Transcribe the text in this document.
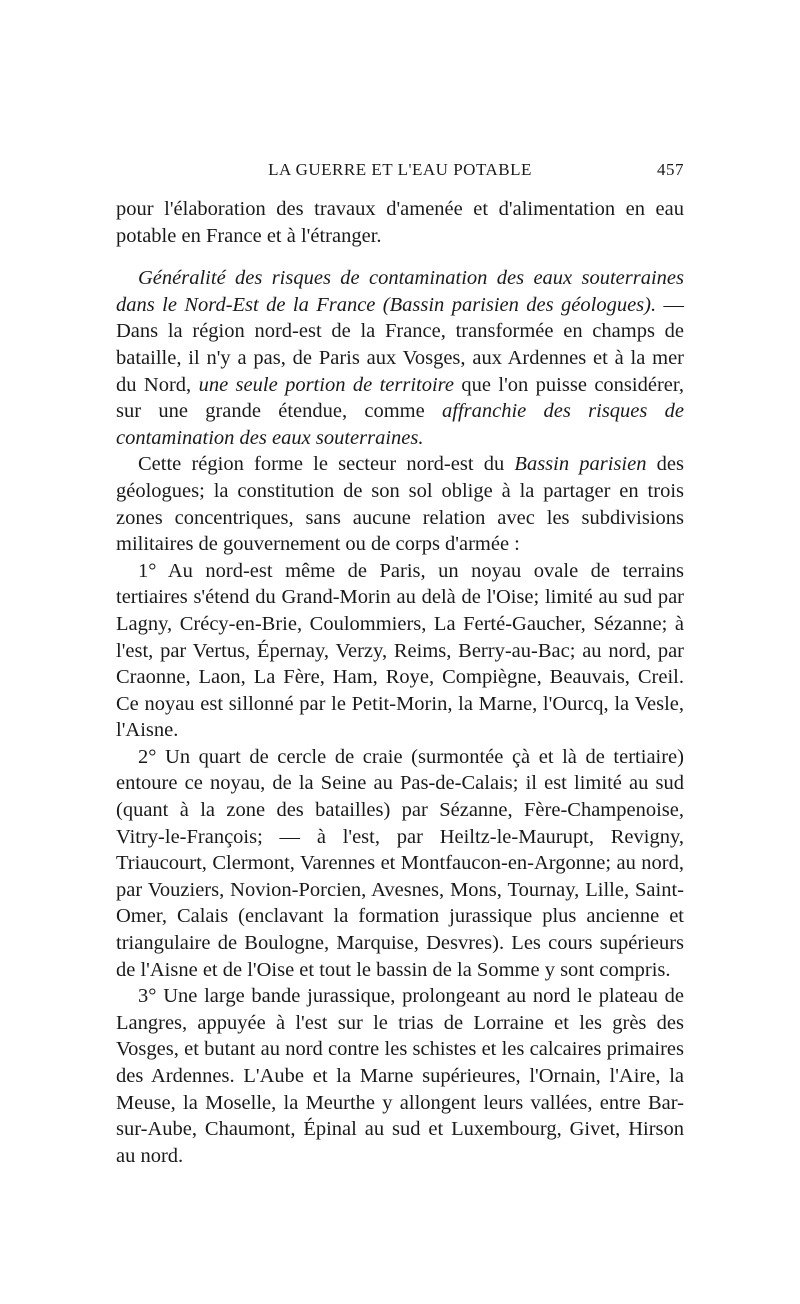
LA GUERRE ET L'EAU POTABLE	457

pour l'élaboration des travaux d'amenée et d'alimentation en eau potable en France et à l'étranger.

Généralité des risques de contamination des eaux souterraines dans le Nord-Est de la France (Bassin parisien des géologues). — Dans la région nord-est de la France, transformée en champs de bataille, il n'y a pas, de Paris aux Vosges, aux Ardennes et à la mer du Nord, une seule portion de territoire que l'on puisse considérer, sur une grande étendue, comme affranchie des risques de contamination des eaux souterraines.

Cette région forme le secteur nord-est du Bassin parisien des géologues; la constitution de son sol oblige à la partager en trois zones concentriques, sans aucune relation avec les subdivisions militaires de gouvernement ou de corps d'armée :

1° Au nord-est même de Paris, un noyau ovale de terrains tertiaires s'étend du Grand-Morin au delà de l'Oise; limité au sud par Lagny, Crécy-en-Brie, Coulommiers, La Ferté-Gaucher, Sézanne; à l'est, par Vertus, Épernay, Verzy, Reims, Berry-au-Bac; au nord, par Craonne, Laon, La Fère, Ham, Roye, Compiègne, Beauvais, Creil. Ce noyau est sillonné par le Petit-Morin, la Marne, l'Ourcq, la Vesle, l'Aisne.

2° Un quart de cercle de craie (surmontée çà et là de tertiaire) entoure ce noyau, de la Seine au Pas-de-Calais; il est limité au sud (quant à la zone des batailles) par Sézanne, Fère-Champenoise, Vitry-le-François; — à l'est, par Heiltz-le-Maurupt, Revigny, Triaucourt, Clermont, Varennes et Montfaucon-en-Argonne; au nord, par Vouziers, Novion-Porcien, Avesnes, Mons, Tournay, Lille, Saint-Omer, Calais (enclavant la formation jurassique plus ancienne et triangulaire de Boulogne, Marquise, Desvres). Les cours supérieurs de l'Aisne et de l'Oise et tout le bassin de la Somme y sont compris.

3° Une large bande jurassique, prolongeant au nord le plateau de Langres, appuyée à l'est sur le trias de Lorraine et les grès des Vosges, et butant au nord contre les schistes et les calcaires primaires des Ardennes. L'Aube et la Marne supérieures, l'Ornain, l'Aire, la Meuse, la Moselle, la Meurthe y allongent leurs vallées, entre Bar-sur-Aube, Chaumont, Épinal au sud et Luxembourg, Givet, Hirson au nord.
